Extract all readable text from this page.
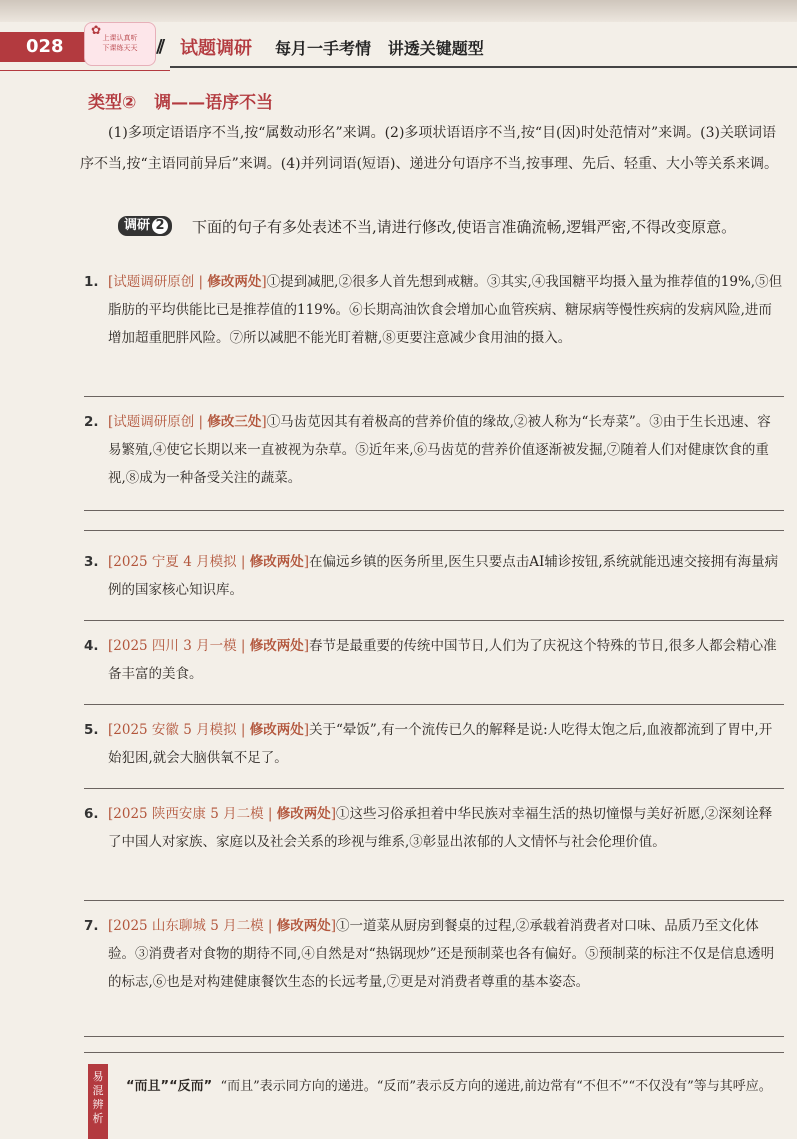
028
✿
上课认真听
下课练天天	// 试题调研 每月一手考情   讲透关键题型
类型②   调——语序不当
(1)多项定语语序不当,按“属数动形名”来调。(2)多项状语语序不当,按“目(因)时处范情对”来调。(3)关联词语序不当,按“主语同前异后”来调。(4)并列词语(短语)、递进分句语序不当,按事理、先后、轻重、大小等关系来调。
下面的句子有多处表述不当,请进行修改,使语言准确流畅,逻辑严密,不得改变原意。
调研 2
1. [试题调研原创 | 修改两处]①提到减肥,②很多人首先想到戒糖。③其实,④我国糖平均摄入量为推荐值的19%,⑤但脂肪的平均供能比已是推荐值的119%。⑥长期高油饮食会增加心血管疾病、糖尿病等慢性疾病的发病风险,进而增加超重肥胖风险。⑦所以减肥不能光盯着糖,⑧更要注意减少食用油的摄入。
2. [试题调研原创 | 修改三处]①马齿苋因其有着极高的营养价值的缘故,②被人称为“长寿菜”。③由于生长迅速、容易繁殖,④使它长期以来一直被视为杂草。⑤近年来,⑥马齿苋的营养价值逐渐被发掘,⑦随着人们对健康饮食的重视,⑧成为一种备受关注的蔬菜。
3. [2025 宁夏 4 月模拟 | 修改两处]在偏远乡镇的医务所里,医生只要点击AI辅诊按钮,系统就能迅速交接拥有海量病例的国家核心知识库。
4. [2025 四川 3 月一模 | 修改两处]春节是最重要的传统中国节日,人们为了庆祝这个特殊的节日,很多人都会精心准备丰富的美食。
5. [2025 安徽 5 月模拟 | 修改两处]关于“晕饭”,有一个流传已久的解释是说:人吃得太饱之后,血液都流到了胃中,开始犯困,就会大脑供氧不足了。
6. [2025 陕西安康 5 月二模 | 修改两处]①这些习俗承担着中华民族对幸福生活的热切憧憬与美好祈愿,②深刻诠释了中国人对家族、家庭以及社会关系的珍视与维系,③彰显出浓郁的人文情怀与社会伦理价值。
7. [2025 山东聊城 5 月二模 | 修改两处]①一道菜从厨房到餐桌的过程,②承载着消费者对口味、品质乃至文化体验。③消费者对食物的期待不同,④自然是对“热锅现炒”还是预制菜也各有偏好。⑤预制菜的标注不仅是信息透明的标志,⑥也是对构建健康餐饮生态的长远考量,⑦更是对消费者尊重的基本姿态。
易混辨析
“而且”“反而” “而且”表示同方向的递进。“反而”表示反方向的递进,前边常有“不但不”“不仅没有”等与其呼应。
